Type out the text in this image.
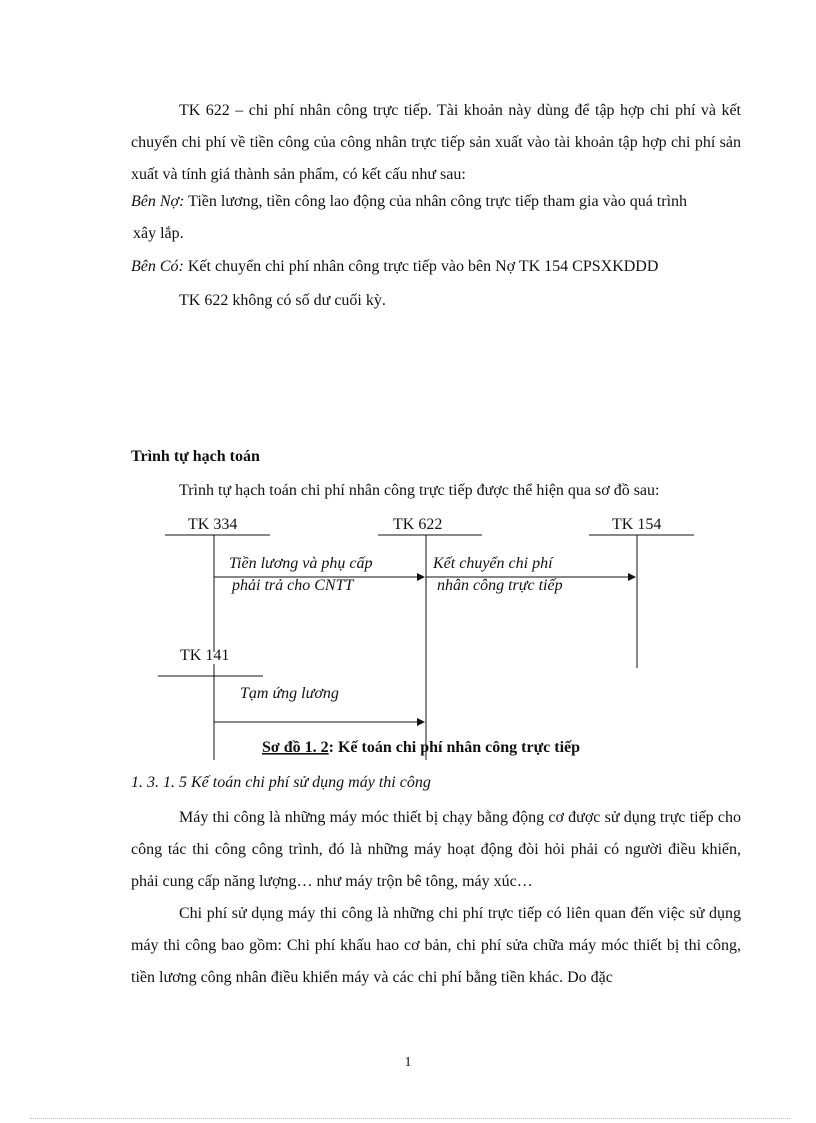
TK 622 – chi phí nhân công trực tiếp. Tài khoản này dùng để tập hợp chi phí và kết chuyển chi phí về tiền công của công nhân trực tiếp sản xuất vào tài khoản tập hợp chi phí sản xuất và tính giá thành sản phẩm, có kết cấu như sau:

Bên Nợ: Tiền lương, tiền công lao động của nhân công trực tiếp tham gia vào quá trình
xây lắp.
Bên Có: Kết chuyển chi phí nhân công trực tiếp vào bên Nợ TK 154 CPSXKDDD
TK 622 không có số dư cuối kỳ.
Trình tự hạch toán
Trình tự hạch toán chi phí nhân công trực tiếp được thể hiện qua sơ đồ sau:
TK 334	TK 622	TK 154
Tiền lương và phụ cấp
phải trả cho CNTT
Kết chuyển chi phí
nhân công trực tiếp
TK 141
Tạm ứng lương
Sơ đồ 1. 2: Kế toán chi phí nhân công trực tiếp
1. 3. 1. 5 Kế toán chi phí sử dụng máy thi công

Máy thi công là những máy móc thiết bị chạy bằng động cơ được sử dụng trực tiếp cho công tác thi công công trình, đó là những máy hoạt động đòi hỏi phải có người điều khiển, phải cung cấp năng lượng… như máy trộn bê tông, máy xúc…

Chi phí sử dụng máy thi công là những chi phí trực tiếp có liên quan đến việc sử dụng máy thi công bao gồm: Chi phí khấu hao cơ bản, chi phí sửa chữa máy móc thiết bị thi công, tiền lương công nhân điều khiển máy và các chi phí bằng tiền khác. Do đặc

1
